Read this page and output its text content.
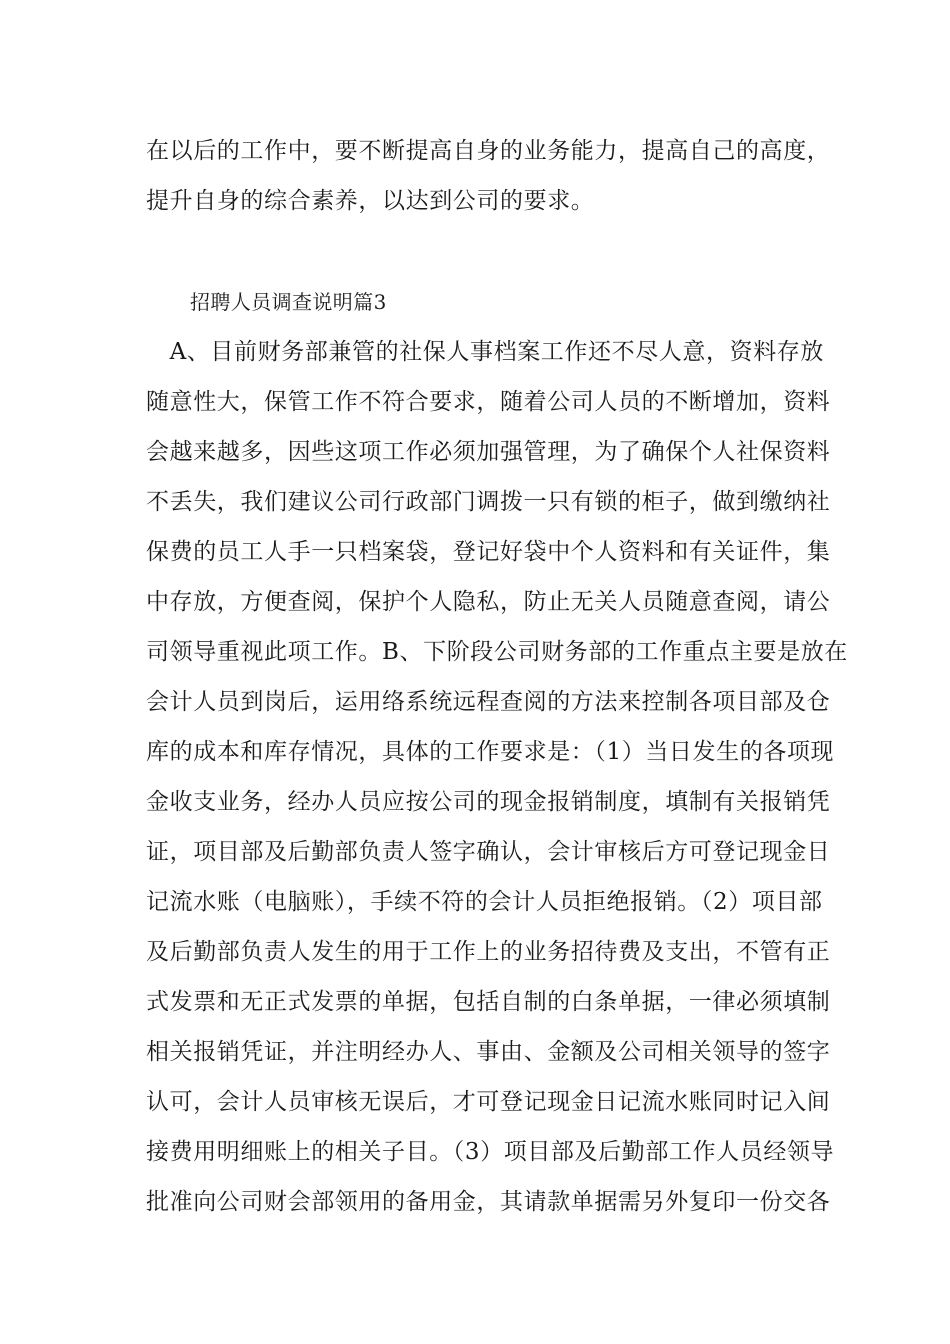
在以后的工作中，要不断提高自身的业务能力，提高自己的高度，
提升自身的综合素养，以达到公司的要求。
招聘人员调查说明篇3
　A、目前财务部兼管的社保人事档案工作还不尽人意，资料存放
随意性大，保管工作不符合要求，随着公司人员的不断增加，资料
会越来越多，因些这项工作必须加强管理，为了确保个人社保资料
不丢失，我们建议公司行政部门调拨一只有锁的柜子，做到缴纳社
保费的员工人手一只档案袋，登记好袋中个人资料和有关证件，集
中存放，方便查阅，保护个人隐私，防止无关人员随意查阅，请公
司领导重视此项工作。B、下阶段公司财务部的工作重点主要是放在
会计人员到岗后，运用络系统远程查阅的方法来控制各项目部及仓
库的成本和库存情况，具体的工作要求是：（1）当日发生的各项现
金收支业务，经办人员应按公司的现金报销制度，填制有关报销凭
证，项目部及后勤部负责人签字确认，会计审核后方可登记现金日
记流水账（电脑账），手续不符的会计人员拒绝报销。（2）项目部
及后勤部负责人发生的用于工作上的业务招待费及支出，不管有正
式发票和无正式发票的单据，包括自制的白条单据，一律必须填制
相关报销凭证，并注明经办人、事由、金额及公司相关领导的签字
认可，会计人员审核无误后，才可登记现金日记流水账同时记入间
接费用明细账上的相关子目。（3）项目部及后勤部工作人员经领导
批准向公司财会部领用的备用金，其请款单据需另外复印一份交各
